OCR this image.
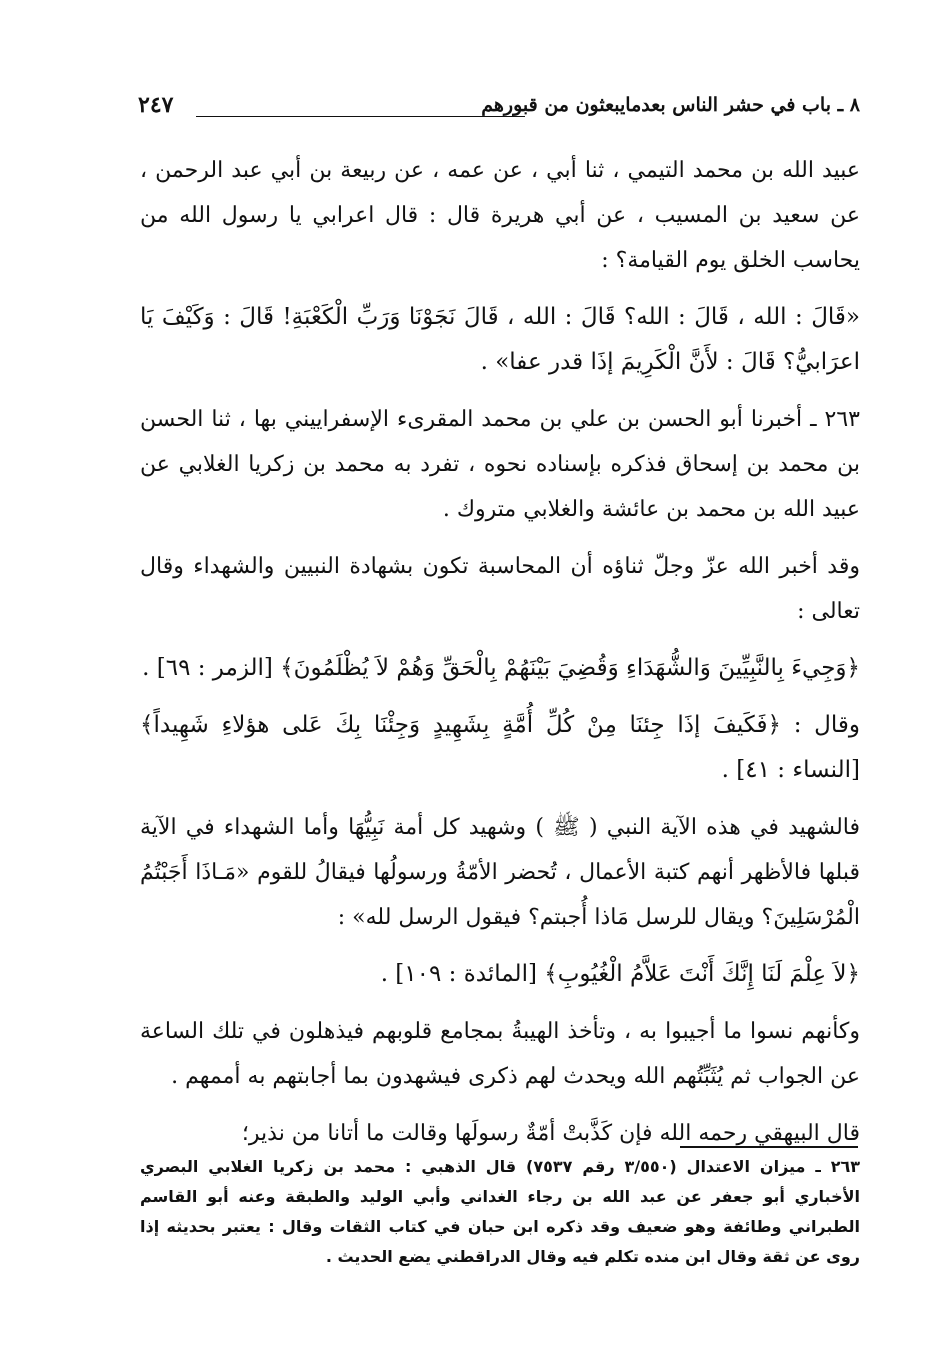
٨ ـ باب في حشر الناس بعدمايبعثون من قبورهم
٢٤٧

عبيد الله بن محمد التيمي ، ثنا أبي ، عن عمه ، عن ربيعة بن أبي عبد الرحمن ، عن سعيد بن المسيب ، عن أبي هريرة قال : قال اعرابي يا رسول الله من يحاسب الخلق يوم القيامة؟ :

«قَالَ : الله ، قَالَ : الله؟ قَالَ : الله ، قَالَ نَجَوْنَا وَرَبِّ الْكَعْبَةِ! قَالَ : وَكَيْفَ يَا اعرَابيُّ؟ قَالَ : لأَنَّ الْكَرِيمَ إذَا قدر عفا» .

٢٦٣ ـ أخبرنا أبو الحسن بن علي بن محمد المقرىء الإسفراييني بها ، ثنا الحسن بن محمد بن إسحاق فذكره بإسناده نحوه ، تفرد به محمد بن زكريا الغلابي عن عبيد الله بن محمد بن عائشة والغلابي متروك .

وقد أخبر الله عزّ وجلّ ثناؤه أن المحاسبة تكون بشهادة النبيين والشهداء وقال تعالى :

﴿وَجِيءَ بِالنَّبِيِّينَ وَالشُّهَدَاءِ وَقُضِيَ بَيْنَهُمْ بِالْحَقِّ وَهُمْ لاَ يُظْلَمُونَ﴾ [الزمر : ٦٩] .

وقال : ﴿فَكَيفَ إذَا جِئنَا مِنْ كُلِّ أُمَّةٍ بِشَهِيدٍ وَجِئْنَا بِكَ عَلى هؤلاءِ شَهِيداً﴾ [النساء : ٤١] .

فالشهيد في هذه الآية النبي ( ﷺ ) وشهيد كل أمة نَبِيُّهَا وأما الشهداء في الآية قبلها فالأظهر أنهم كتبة الأعمال ، تُحضر الأمّةُ ورسولُها فيقالُ للقوم «مَـاذَا أَجَبْتُمُ الْمُرْسَلِينَ؟ ويقال للرسل مَاذا أُجبتم؟ فيقول الرسل لله» :

﴿لاَ عِلْمَ لَنَا إِنَّكَ أَنْتَ عَلاَّمُ الْغُيُوبِ﴾ [المائدة : ١٠٩] .

وكأنهم نسوا ما أجيبوا به ، وتأخذ الهيبةُ بمجامع قلوبهم فيذهلون في تلك الساعة عن الجواب ثم يُثَبِّتُهم الله ويحدث لهم ذكرى فيشهدون بما أجابتهم به أممهم .

قال البيهقي رحمه الله فإن كَذَّبتْ أمّةٌ رسولَها وقالت ما أتانا من نذير؛

٢٦٣ ـ ميزان الاعتدال (٣/٥٥٠ رقم ٧٥٣٧) قال الذهبي : محمد بن زكريا الغلابي البصري الأخباري أبو جعفر عن عبد الله بن رجاء الغداني وأبي الوليد والطبقة وعنه أبو القاسم الطبراني وطائفة وهو ضعيف وقد ذكره ابن حبان في كتاب الثقات وقال : يعتبر بحديثه إذا روى عن ثقة وقال ابن منده تكلم فيه وقال الدراقطني يضع الحديث .
